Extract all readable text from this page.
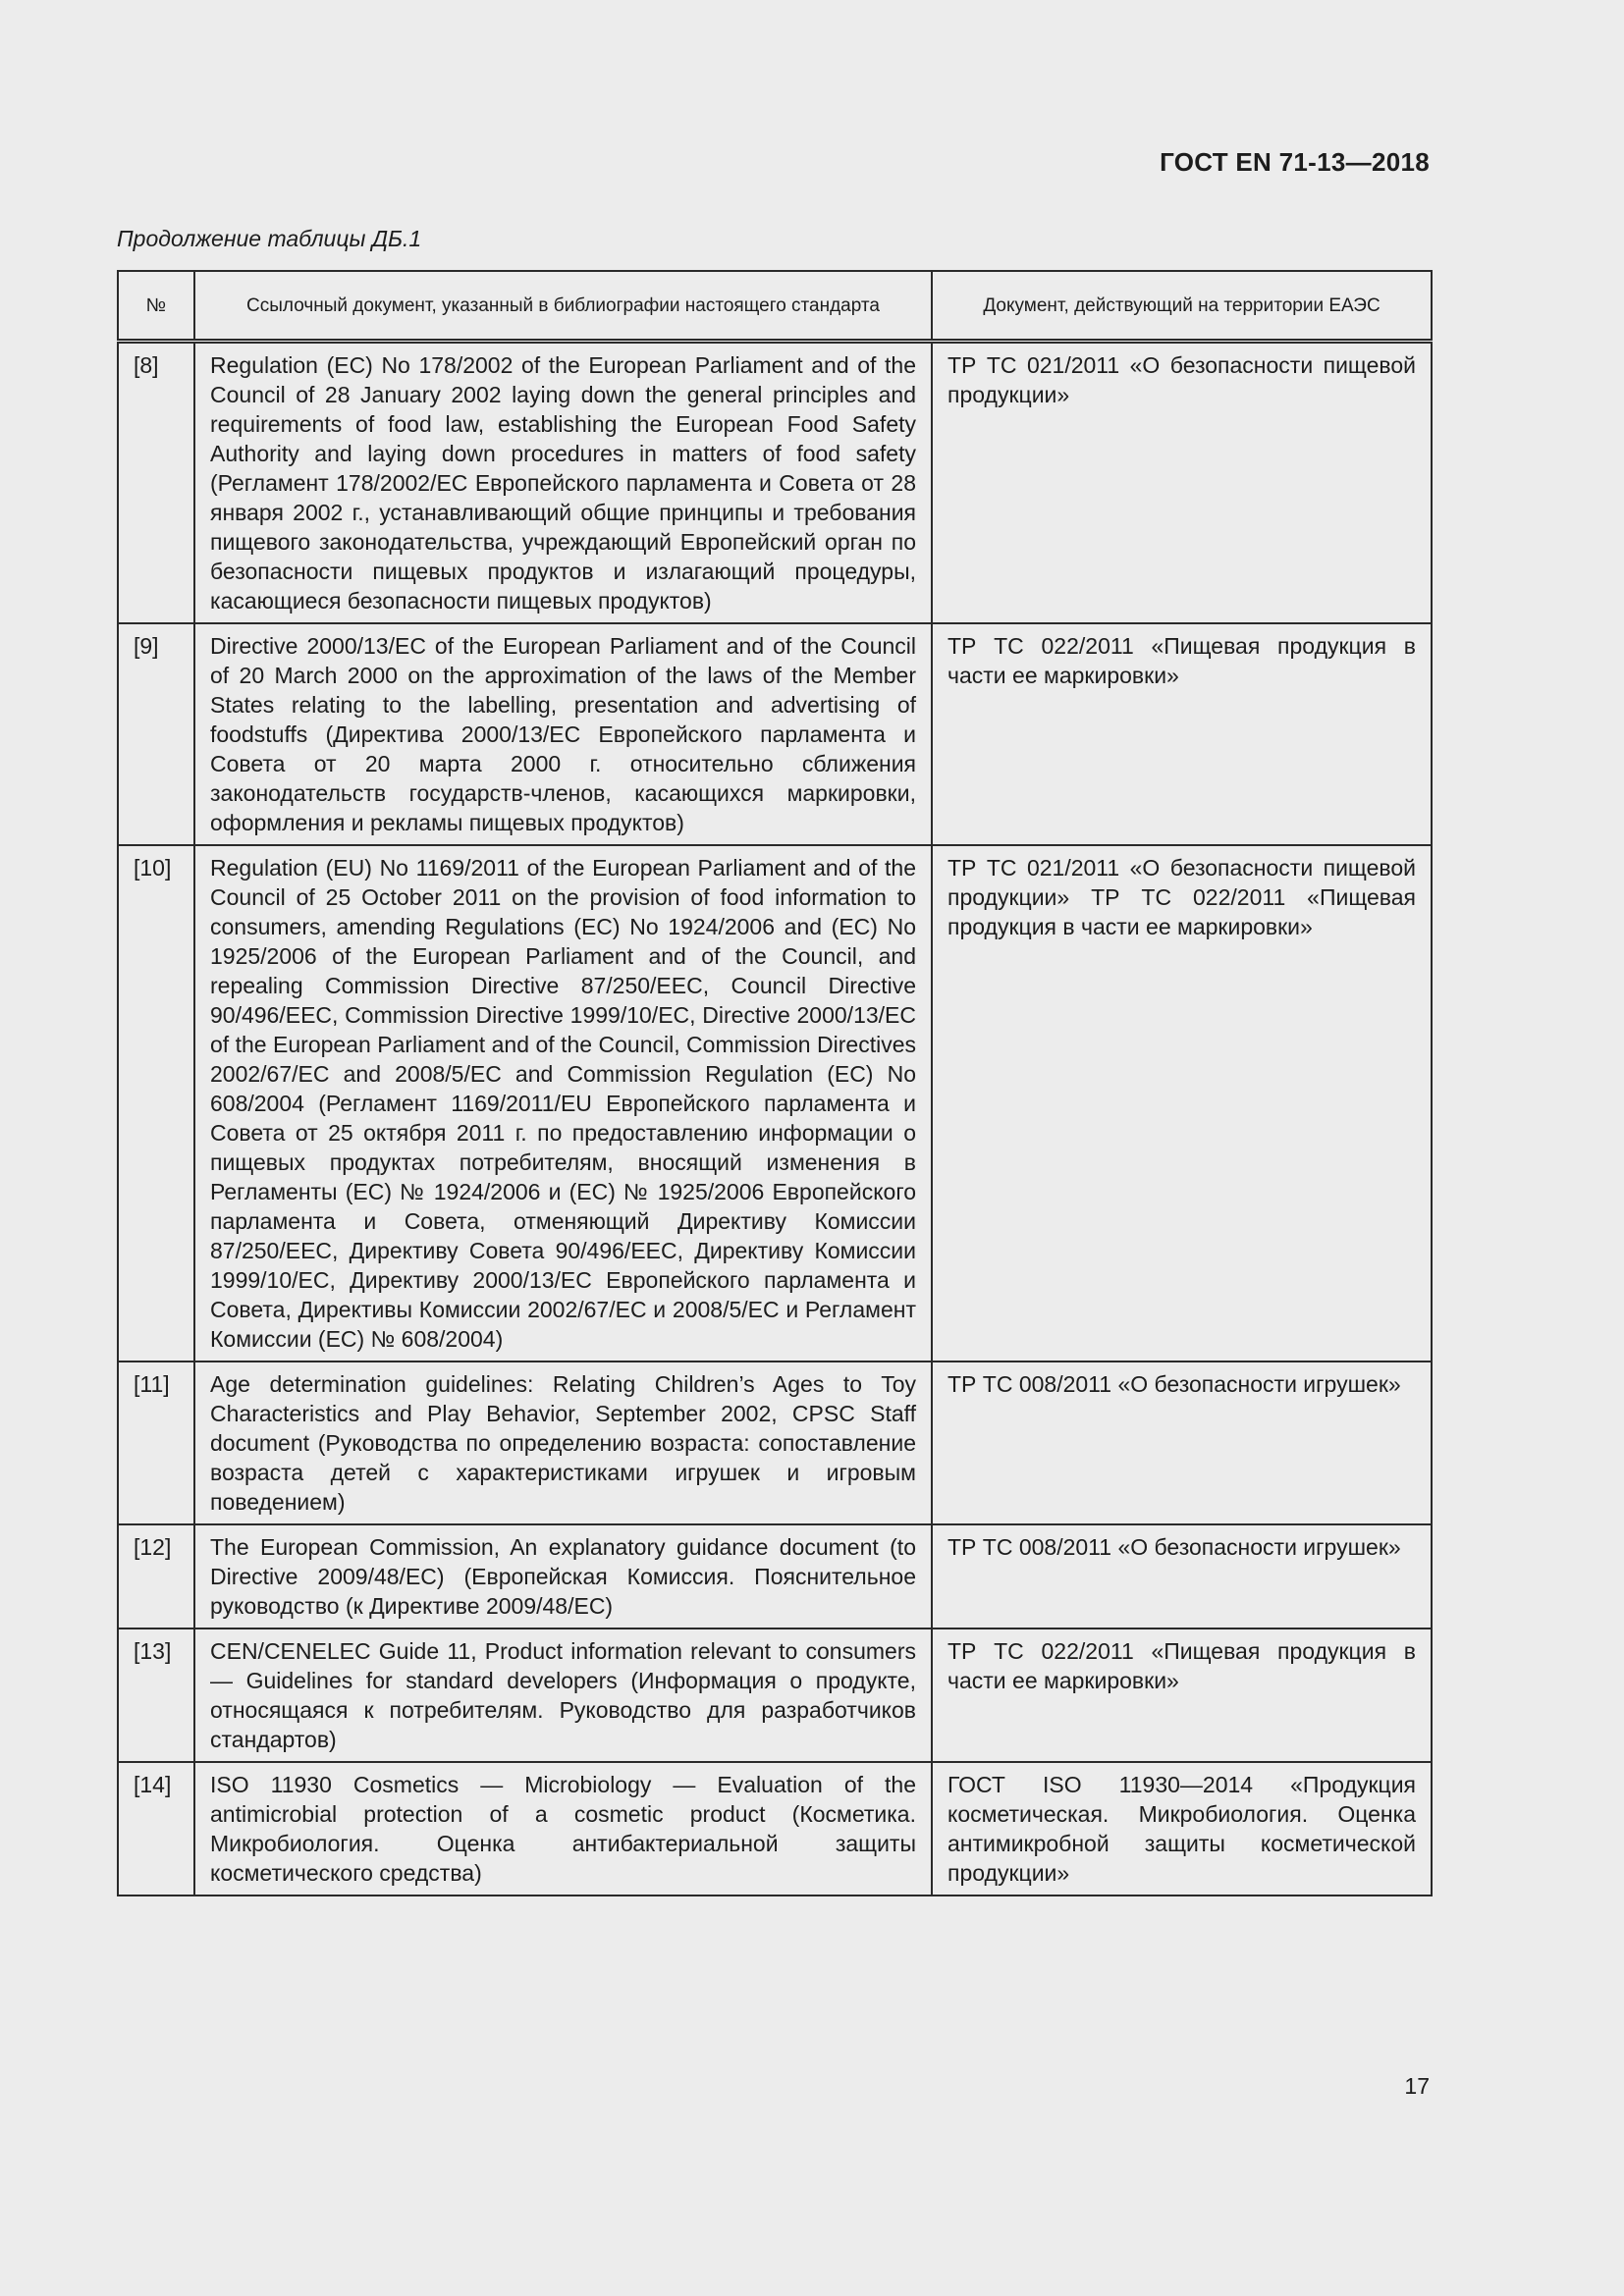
ГОСТ EN 71-13—2018
Продолжение таблицы ДБ.1
№	Ссылочный документ, указанный в библиографии настоящего стандарта	Документ, действующий на территории ЕАЭС
[8]	Regulation (EC) No 178/2002 of the European Parliament and of the Council of 28 January 2002 laying down the general principles and requirements of food law, establishing the European Food Safety Authority and laying down procedures in matters of food safety (Регламент 178/2002/EC Европейского парламента и Совета от 28 января 2002 г., устанавливающий общие принципы и требования пищевого законодательства, учреждающий Европейский орган по безопасности пищевых продуктов и излагающий процедуры, касающиеся безопасности пищевых продуктов)	ТР ТС 021/2011 «О безопасности пищевой продукции»
[9]	Directive 2000/13/EC of the European Parliament and of the Council of 20 March 2000 on the approximation of the laws of the Member States relating to the labelling, presentation and advertising of foodstuffs (Директива 2000/13/ЕС Европейского парламента и Совета от 20 марта 2000 г. относительно сближения законодательств государств-членов, касающихся маркировки, оформления и рекламы пищевых продуктов)	ТР ТС 022/2011 «Пищевая продукция в части ее маркировки»
[10]	Regulation (EU) No 1169/2011 of the European Parliament and of the Council of 25 October 2011 on the provision of food information to consumers, amending Regulations (EC) No 1924/2006 and (EC) No 1925/2006 of the European Parliament and of the Council, and repealing Commission Directive 87/250/EEC, Council Directive 90/496/EEC, Commission Directive 1999/10/EC, Directive 2000/13/EC of the European Parliament and of the Council, Commission Directives 2002/67/EC and 2008/5/EC and Commission Regulation (EC) No 608/2004 (Регламент 1169/2011/EU Европейского парламента и Совета от 25 октября 2011 г. по предоставлению информации о пищевых продуктах потребителям, вносящий изменения в Регламенты (ЕС) № 1924/2006 и (ЕС) № 1925/2006 Европейского парламента и Совета, отменяющий Директиву Комиссии 87/250/EEC, Директиву Совета 90/496/EEC, Директиву Комиссии 1999/10/ЕС, Директиву 2000/13/ЕС Европейского парламента и Совета, Директивы Комиссии 2002/67/ЕС и 2008/5/ЕС и Регламент Комиссии (ЕС) № 608/2004)	ТР ТС 021/2011 «О безопасности пищевой продукции» ТР ТС 022/2011 «Пищевая продукция в части ее маркировки»
[11]	Age determination guidelines: Relating Children’s Ages to Toy Characteristics and Play Behavior, September 2002, CPSC Staff document (Руководства по определению возраста: сопоставление возраста детей с характеристиками игрушек и игровым поведением)	ТР ТС 008/2011 «О безопасности игрушек»
[12]	The European Commission, An explanatory guidance document (to Directive 2009/48/EC) (Европейская Комиссия. Пояснительное руководство (к Директиве 2009/48/ЕС)	ТР ТС 008/2011 «О безопасности игрушек»
[13]	CEN/CENELEC Guide 11, Product information relevant to consumers — Guidelines for standard developers (Информация о продукте, относящаяся к потребителям. Руководство для разработчиков стандартов)	ТР ТС 022/2011 «Пищевая продукция в части ее маркировки»
[14]	ISO 11930 Cosmetics — Microbiology — Evaluation of the antimicrobial protection of a cosmetic product (Косметика. Микробиология. Оценка антибактериальной защиты косметического средства)	ГОСТ ISO 11930—2014 «Продукция косметическая. Микробиология. Оценка антимикробной защиты косметической продукции»
17
